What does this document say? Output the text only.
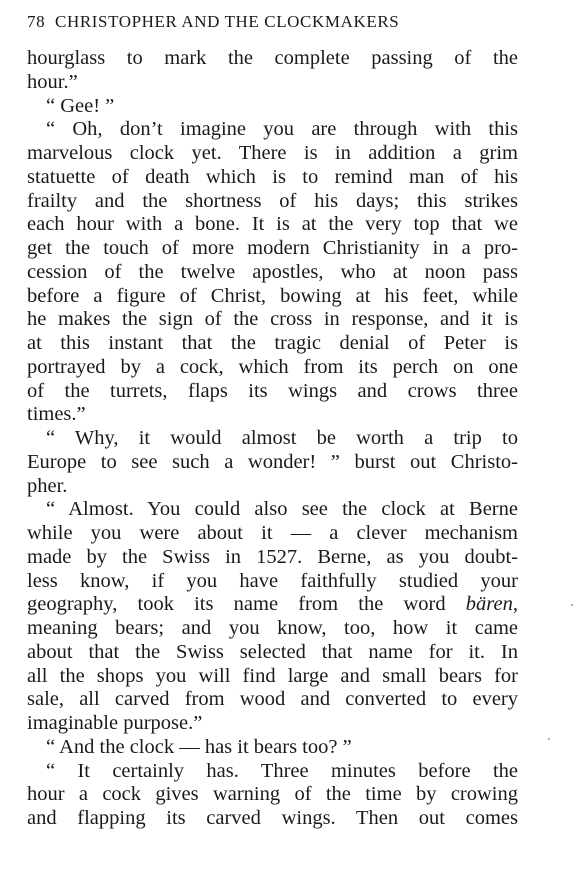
78 CHRISTOPHER AND THE CLOCKMAKERS
hourglass to mark the complete passing of the
hour.”
“ Gee! ”
“ Oh, don’t imagine you are through with this
marvelous clock yet. There is in addition a grim
statuette of death which is to remind man of his
frailty and the shortness of his days; this strikes
each hour with a bone. It is at the very top that we
get the touch of more modern Christianity in a pro-
cession of the twelve apostles, who at noon pass
before a figure of Christ, bowing at his feet, while
he makes the sign of the cross in response, and it is
at this instant that the tragic denial of Peter is
portrayed by a cock, which from its perch on one
of the turrets, flaps its wings and crows three
times.”
“ Why, it would almost be worth a trip to
Europe to see such a wonder! ” burst out Christo-
pher.
“ Almost. You could also see the clock at Berne
while you were about it — a clever mechanism
made by the Swiss in 1527. Berne, as you doubt-
less know, if you have faithfully studied your
geography, took its name from the word bären,
meaning bears; and you know, too, how it came
about that the Swiss selected that name for it. In
all the shops you will find large and small bears for
sale, all carved from wood and converted to every
imaginable purpose.”
“ And the clock — has it bears too? ”
“ It certainly has. Three minutes before the
hour a cock gives warning of the time by crowing
and flapping its carved wings. Then out comes
